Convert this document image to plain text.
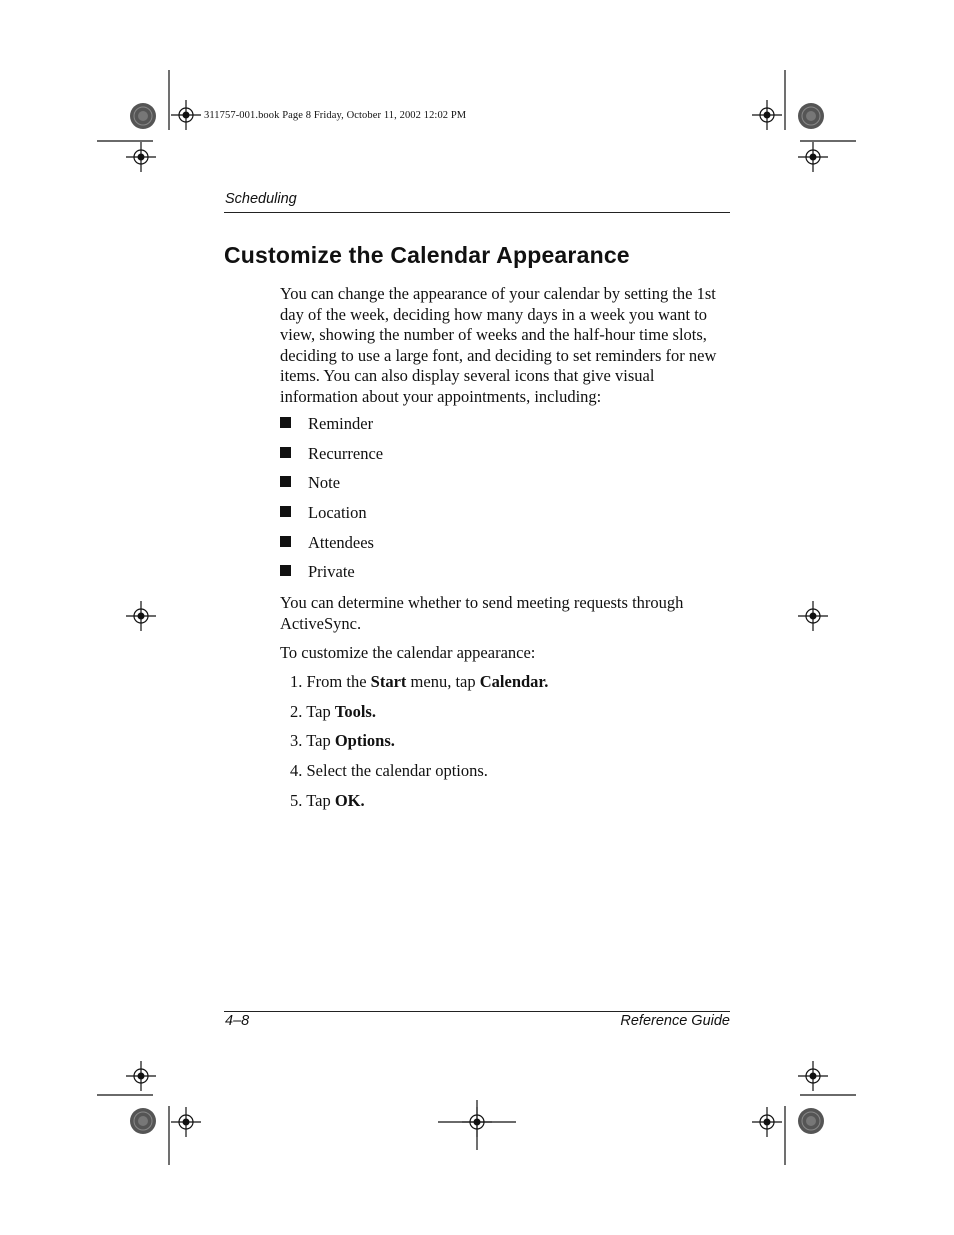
311757-001.book Page 8 Friday, October 11, 2002 12:02 PM
Scheduling
Customize the Calendar Appearance
You can change the appearance of your calendar by setting the 1st day of the week, deciding how many days in a week you want to view, showing the number of weeks and the half-hour time slots, deciding to use a large font, and deciding to set reminders for new items. You can also display several icons that give visual information about your appointments, including:
Reminder
Recurrence
Note
Location
Attendees
Private
You can determine whether to send meeting requests through ActiveSync.
To customize the calendar appearance:
1. From the Start menu, tap Calendar.
2. Tap Tools.
3. Tap Options.
4. Select the calendar options.
5. Tap OK.
4–8	Reference Guide
